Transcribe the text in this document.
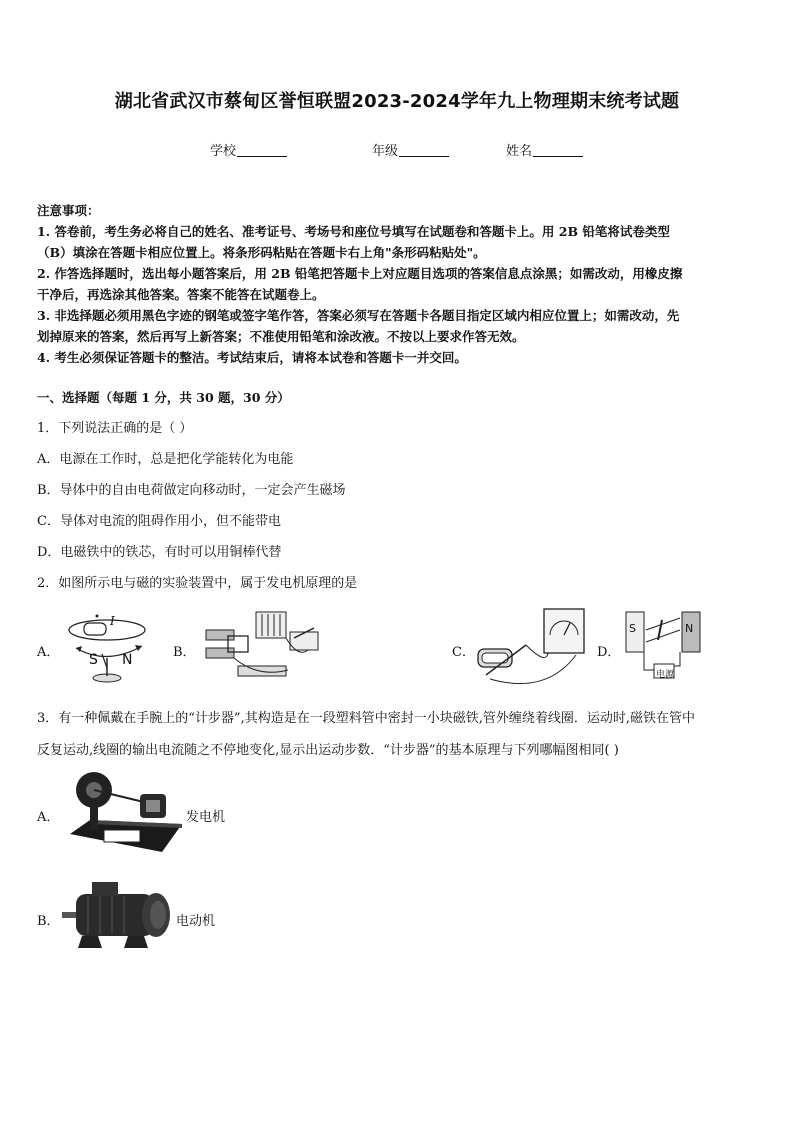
湖北省武汉市蔡甸区誉恒联盟2023-2024学年九上物理期末统考试题
学校	年级	姓名
注意事项：
1. 答卷前，考生务必将自己的姓名、准考证号、考场号和座位号填写在试题卷和答题卡上。用 2B 铅笔将试卷类型
（B）填涂在答题卡相应位置上。将条形码粘贴在答题卡右上角"条形码粘贴处"。
2. 作答选择题时，选出每小题答案后，用 2B 铅笔把答题卡上对应题目选项的答案信息点涂黑；如需改动，用橡皮擦
干净后，再选涂其他答案。答案不能答在试题卷上。
3. 非选择题必须用黑色字迹的钢笔或签字笔作答，答案必须写在答题卡各题目指定区域内相应位置上；如需改动，先
划掉原来的答案，然后再写上新答案；不准使用铅笔和涂改液。不按以上要求作答无效。
4. 考生必须保证答题卡的整洁。考试结束后，请将本试卷和答题卡一并交回。
一、选择题（每题 1 分，共 30 题，30 分）
1．下列说法正确的是（ ）
A．电源在工作时，总是把化学能转化为电能
B．导体中的自由电荷做定向移动时，一定会产生磁场
C．导体对电流的阻碍作用小，但不能带电
D．电磁铁中的铁芯，有时可以用铜棒代替
2．如图所示电与磁的实验装置中，属于发电机原理的是
A． S N
I
B．	C．	D．
S	N
电源
3．有一种佩戴在手腕上的“计步器”,其构造是在一段塑料管中密封一小块磁铁,管外缠绕着线圈．运动时,磁铁在管中
反复运动,线圈的输出电流随之不停地变化,显示出运动步数．“计步器”的基本原理与下列哪幅图相同( )
A．	发电机
B．	电动机
